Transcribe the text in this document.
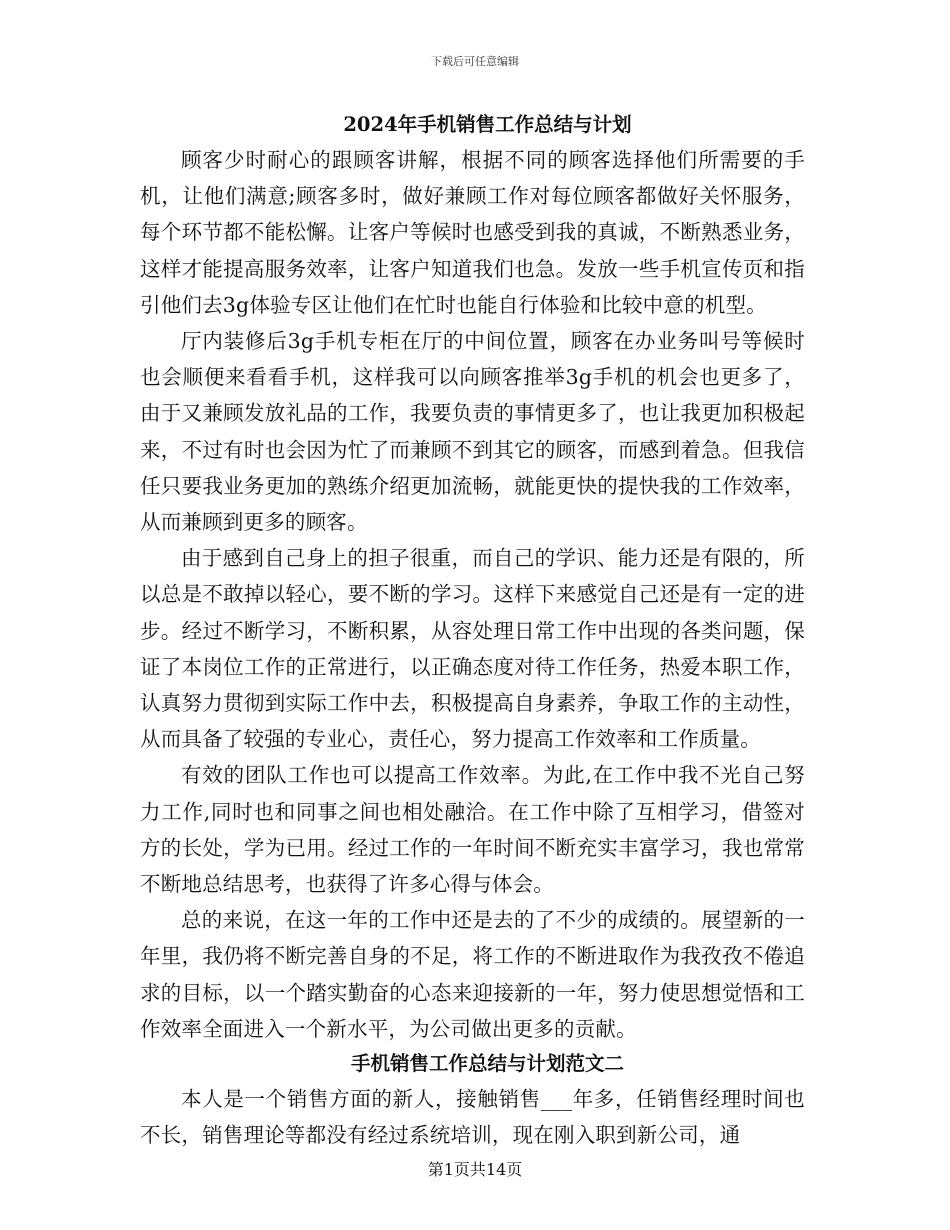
下载后可任意编辑
2024年手机销售工作总结与计划

顾客少时耐心的跟顾客讲解，根据不同的顾客选择他们所需要的手机，让他们满意;顾客多时，做好兼顾工作对每位顾客都做好关怀服务，每个环节都不能松懈。让客户等候时也感受到我的真诚，不断熟悉业务，这样才能提高服务效率，让客户知道我们也急。发放一些手机宣传页和指引他们去3g体验专区让他们在忙时也能自行体验和比较中意的机型。

厅内装修后3g手机专柜在厅的中间位置，顾客在办业务叫号等候时也会顺便来看看手机，这样我可以向顾客推举3g手机的机会也更多了，由于又兼顾发放礼品的工作，我要负责的事情更多了，也让我更加积极起来，不过有时也会因为忙了而兼顾不到其它的顾客，而感到着急。但我信任只要我业务更加的熟练介绍更加流畅，就能更快的提快我的工作效率，从而兼顾到更多的顾客。

由于感到自己身上的担子很重，而自己的学识、能力还是有限的，所以总是不敢掉以轻心，要不断的学习。这样下来感觉自己还是有一定的进步。经过不断学习，不断积累，从容处理日常工作中出现的各类问题，保证了本岗位工作的正常进行，以正确态度对待工作任务，热爱本职工作，认真努力贯彻到实际工作中去，积极提高自身素养，争取工作的主动性，从而具备了较强的专业心，责任心，努力提高工作效率和工作质量。

有效的团队工作也可以提高工作效率。为此,在工作中我不光自己努力工作,同时也和同事之间也相处融洽。在工作中除了互相学习，借签对方的长处，学为已用。经过工作的一年时间不断充实丰富学习，我也常常不断地总结思考，也获得了许多心得与体会。

总的来说，在这一年的工作中还是去的了不少的成绩的。展望新的一年里，我仍将不断完善自身的不足，将工作的不断进取作为我孜孜不倦追求的目标，以一个踏实勤奋的心态来迎接新的一年，努力使思想觉悟和工作效率全面进入一个新水平，为公司做出更多的贡献。

手机销售工作总结与计划范文二

本人是一个销售方面的新人，接触销售___年多，任销售经理时间也不长，销售理论等都没有经过系统培训，现在刚入职到新公司，通

第1页共14页
